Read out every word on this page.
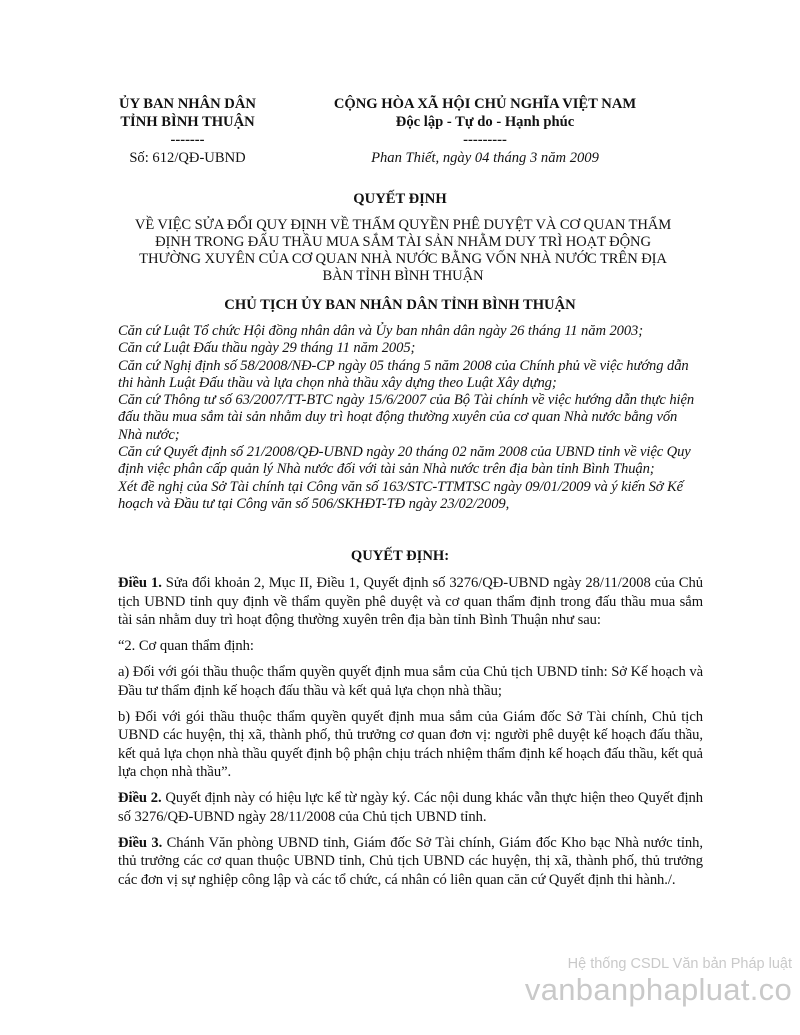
ỦY BAN NHÂN DÂN
TỈNH BÌNH THUẬN
-------
Số: 612/QĐ-UBND
CỘNG HÒA XÃ HỘI CHỦ NGHĨA VIỆT NAM
Độc lập - Tự do - Hạnh phúc
---------
Phan Thiết, ngày 04 tháng 3 năm 2009
QUYẾT ĐỊNH
VỀ VIỆC SỬA ĐỔI QUY ĐỊNH VỀ THẨM QUYỀN PHÊ DUYỆT VÀ CƠ QUAN THẨM
ĐỊNH TRONG ĐẤU THẦU MUA SẮM TÀI SẢN NHẰM DUY TRÌ HOẠT ĐỘNG
THƯỜNG XUYÊN CỦA CƠ QUAN NHÀ NƯỚC BẰNG VỐN NHÀ NƯỚC TRÊN ĐỊA
BÀN TỈNH BÌNH THUẬN
CHỦ TỊCH ỦY BAN NHÂN DÂN TỈNH BÌNH THUẬN

Căn cứ Luật Tổ chức Hội đồng nhân dân và Ủy ban nhân dân ngày 26 tháng 11 năm 2003;

Căn cứ Luật Đấu thầu ngày 29 tháng 11 năm 2005;

Căn cứ Nghị định số 58/2008/NĐ-CP ngày 05 tháng 5 năm 2008 của Chính phủ về việc hướng dẫn thi hành Luật Đấu thầu và lựa chọn nhà thầu xây dựng theo Luật Xây dựng;

Căn cứ Thông tư số 63/2007/TT-BTC ngày 15/6/2007 của Bộ Tài chính về việc hướng dẫn thực hiện đấu thầu mua sắm tài sản nhằm duy trì hoạt động thường xuyên của cơ quan Nhà nước bằng vốn Nhà nước;

Căn cứ Quyết định số 21/2008/QĐ-UBND ngày 20 tháng 02 năm 2008 của UBND tỉnh về việc Quy định việc phân cấp quản lý Nhà nước đối với tài sản Nhà nước trên địa bàn tỉnh Bình Thuận;

Xét đề nghị của Sở Tài chính tại Công văn số 163/STC-TTMTSC ngày 09/01/2009 và ý kiến Sở Kế hoạch và Đầu tư tại Công văn số 506/SKHĐT-TĐ ngày 23/02/2009,

QUYẾT ĐỊNH:

Điều 1. Sửa đổi khoản 2, Mục II, Điều 1, Quyết định số 3276/QĐ-UBND ngày 28/11/2008 của Chủ tịch UBND tỉnh quy định về thẩm quyền phê duyệt và cơ quan thẩm định trong đấu thầu mua sắm tài sản nhằm duy trì hoạt động thường xuyên trên địa bàn tỉnh Bình Thuận như sau:

“2. Cơ quan thẩm định:

a) Đối với gói thầu thuộc thẩm quyền quyết định mua sắm của Chủ tịch UBND tỉnh: Sở Kế hoạch và Đầu tư thẩm định kế hoạch đấu thầu và kết quả lựa chọn nhà thầu;

b) Đối với gói thầu thuộc thẩm quyền quyết định mua sắm của Giám đốc Sở Tài chính, Chủ tịch UBND các huyện, thị xã, thành phố, thủ trưởng cơ quan đơn vị: người phê duyệt kế hoạch đấu thầu, kết quả lựa chọn nhà thầu quyết định bộ phận chịu trách nhiệm thẩm định kế hoạch đấu thầu, kết quả lựa chọn nhà thầu”.

Điều 2. Quyết định này có hiệu lực kể từ ngày ký. Các nội dung khác vẫn thực hiện theo Quyết định số 3276/QĐ-UBND ngày 28/11/2008 của Chủ tịch UBND tỉnh.

Điều 3. Chánh Văn phòng UBND tỉnh, Giám đốc Sở Tài chính, Giám đốc Kho bạc Nhà nước tỉnh, thủ trưởng các cơ quan thuộc UBND tỉnh, Chủ tịch UBND các huyện, thị xã, thành phố, thủ trưởng các đơn vị sự nghiệp công lập và các tổ chức, cá nhân có liên quan căn cứ Quyết định thi hành./.

Hệ thống CSDL Văn bản Pháp luật
vanbanphapluat.co
